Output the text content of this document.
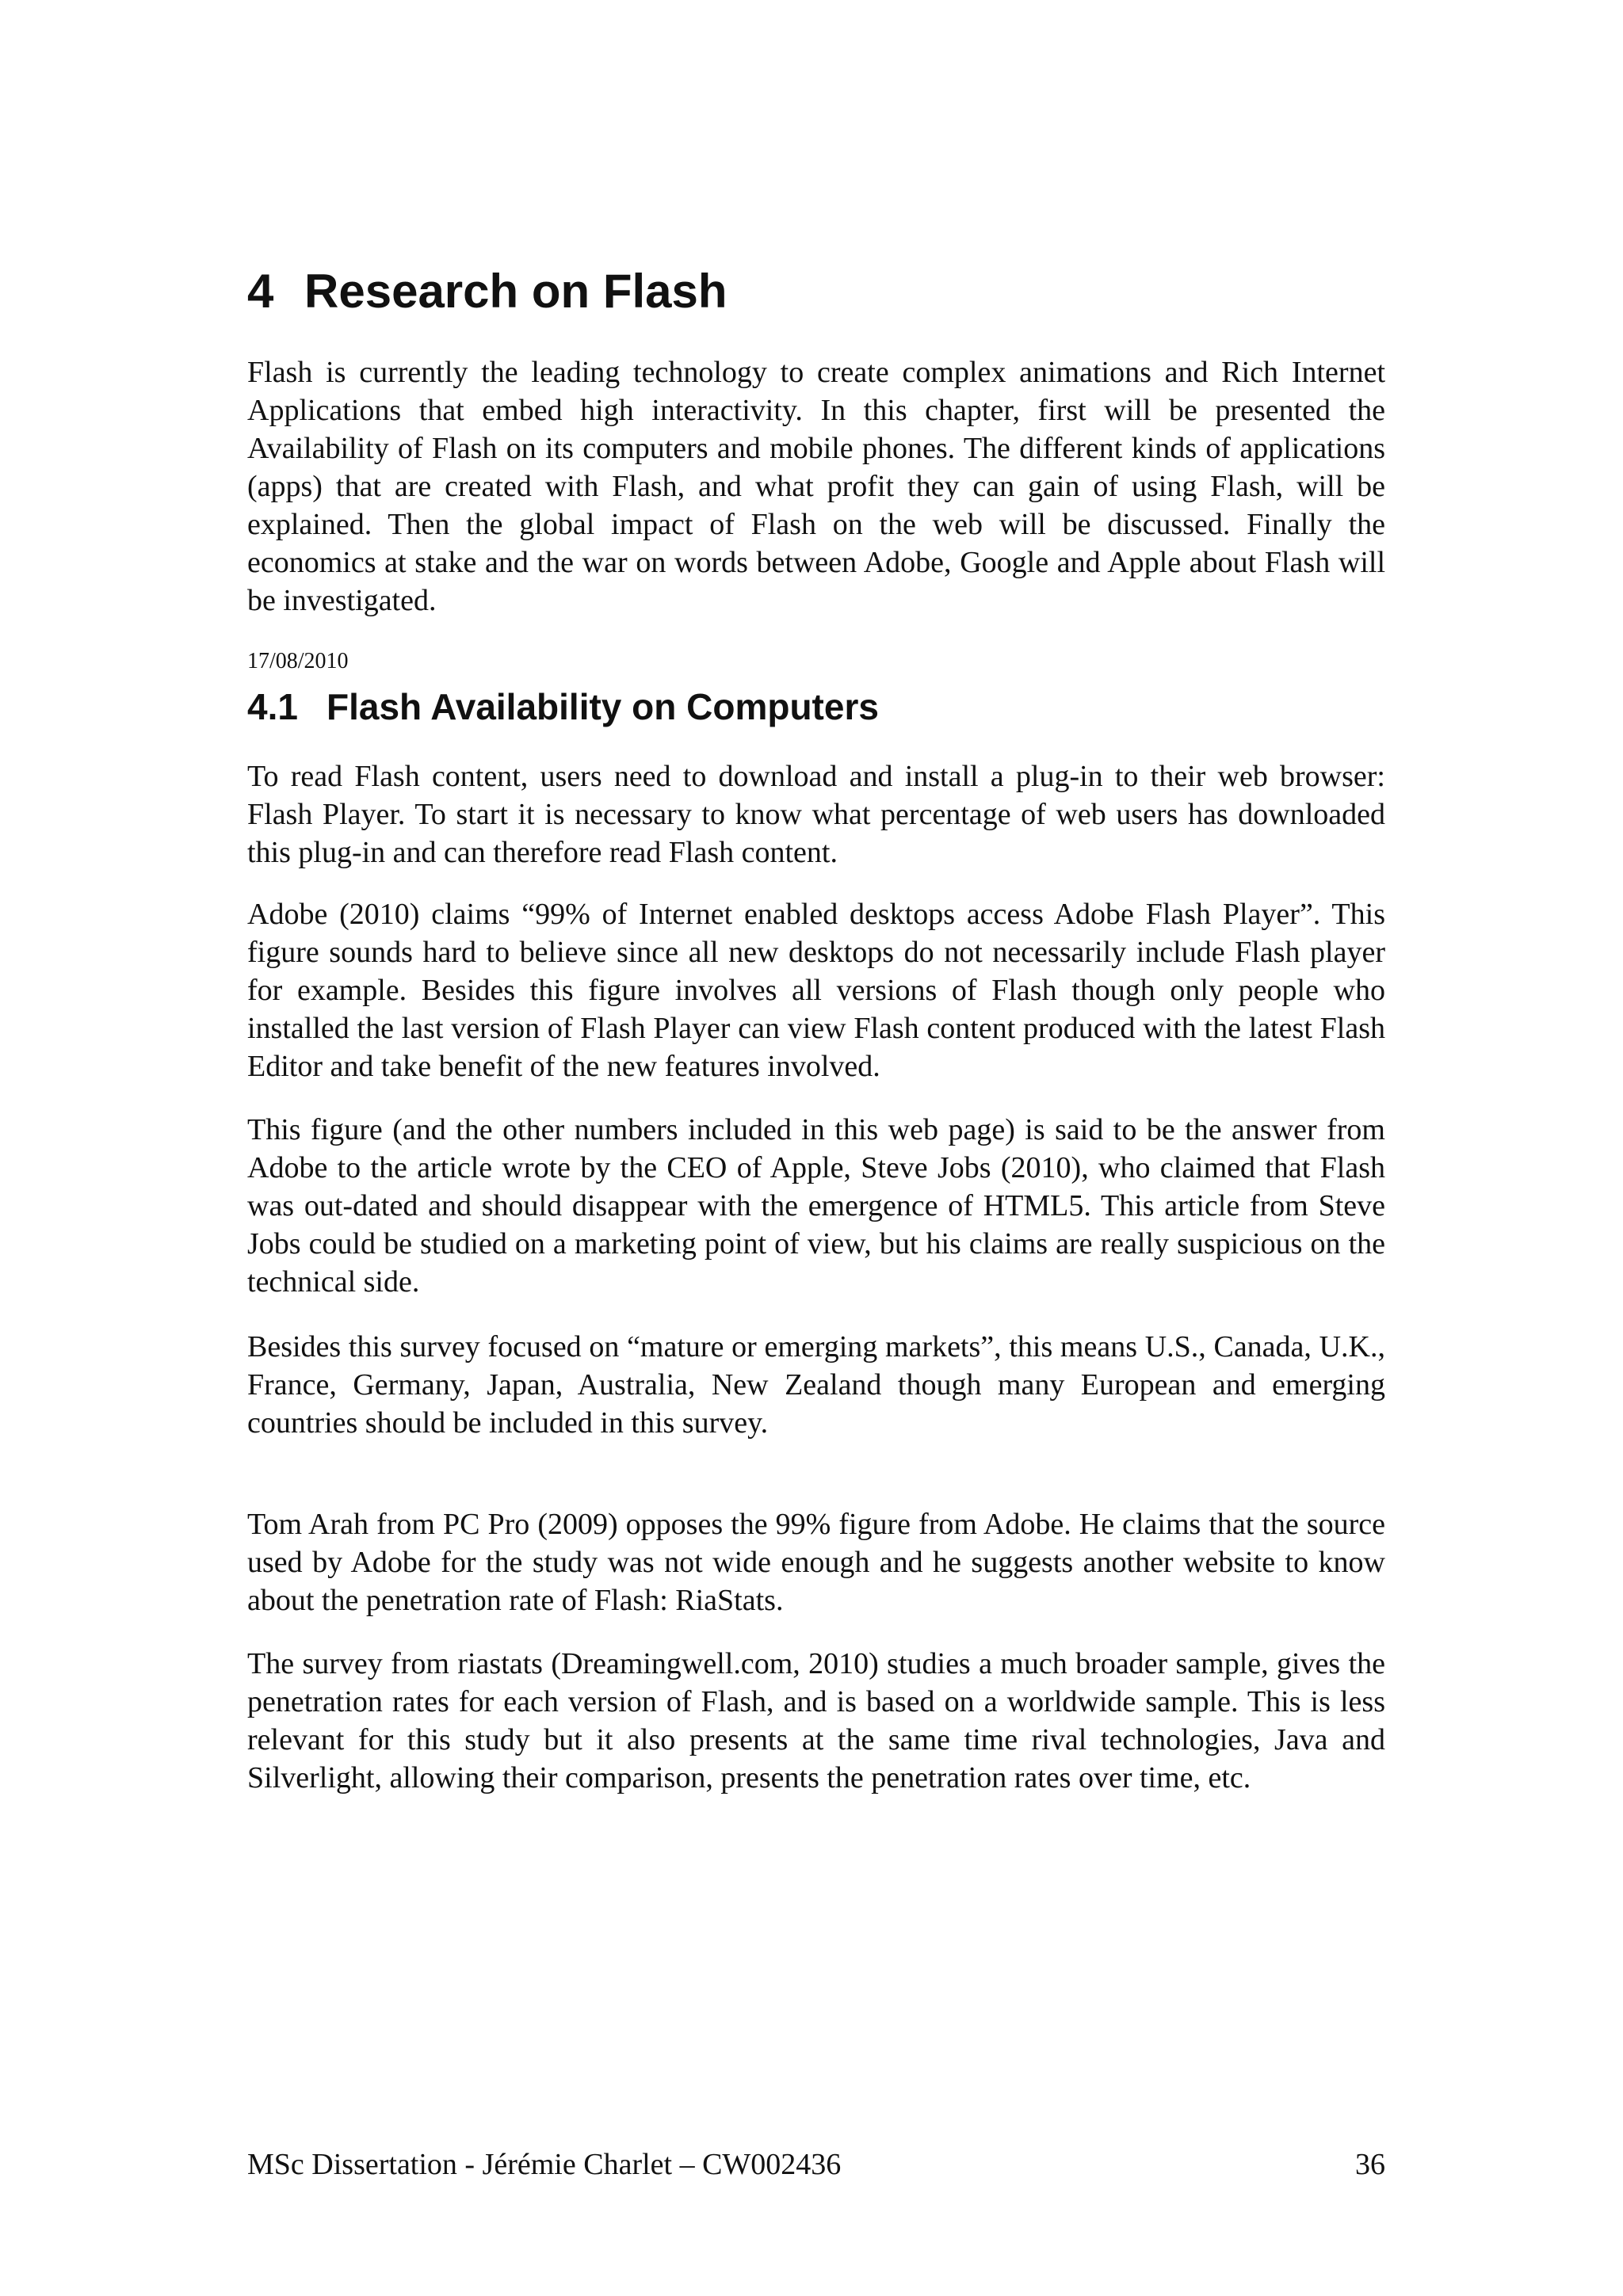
4 Research on Flash

Flash is currently the leading technology to create complex animations and Rich Internet Applications that embed high interactivity. In this chapter, first will be presented the Availability of Flash on its computers and mobile phones. The different kinds of applications (apps) that are created with Flash, and what profit they can gain of using Flash, will be explained. Then the global impact of Flash on the web will be discussed. Finally the economics at stake and the war on words between Adobe, Google and Apple about Flash will be investigated.

17/08/2010
4.1 Flash Availability on Computers

To read Flash content, users need to download and install a plug-in to their web browser: Flash Player. To start it is necessary to know what percentage of web users has downloaded this plug-in and can therefore read Flash content.

Adobe (2010) claims “99% of Internet enabled desktops access Adobe Flash Player”. This figure sounds hard to believe since all new desktops do not necessarily include Flash player for example. Besides this figure involves all versions of Flash though only people who installed the last version of Flash Player can view Flash content produced with the latest Flash Editor and take benefit of the new features involved.

This figure (and the other numbers included in this web page) is said to be the answer from Adobe to the article wrote by the CEO of Apple, Steve Jobs (2010), who claimed that Flash was out-dated and should disappear with the emergence of HTML5. This article from Steve Jobs could be studied on a marketing point of view, but his claims are really suspicious on the technical side.

Besides this survey focused on “mature or emerging markets”, this means U.S., Canada, U.K., France, Germany, Japan, Australia, New Zealand though many European and emerging countries should be included in this survey.

Tom Arah from PC Pro (2009) opposes the 99% figure from Adobe. He claims that the source used by Adobe for the study was not wide enough and he suggests another website to know about the penetration rate of Flash: RiaStats.

The survey from riastats (Dreamingwell.com, 2010) studies a much broader sample, gives the penetration rates for each version of Flash, and is based on a worldwide sample. This is less relevant for this study but it also presents at the same time rival technologies, Java and Silverlight, allowing their comparison, presents the penetration rates over time, etc.

MSc Dissertation - Jérémie Charlet – CW002436	36
